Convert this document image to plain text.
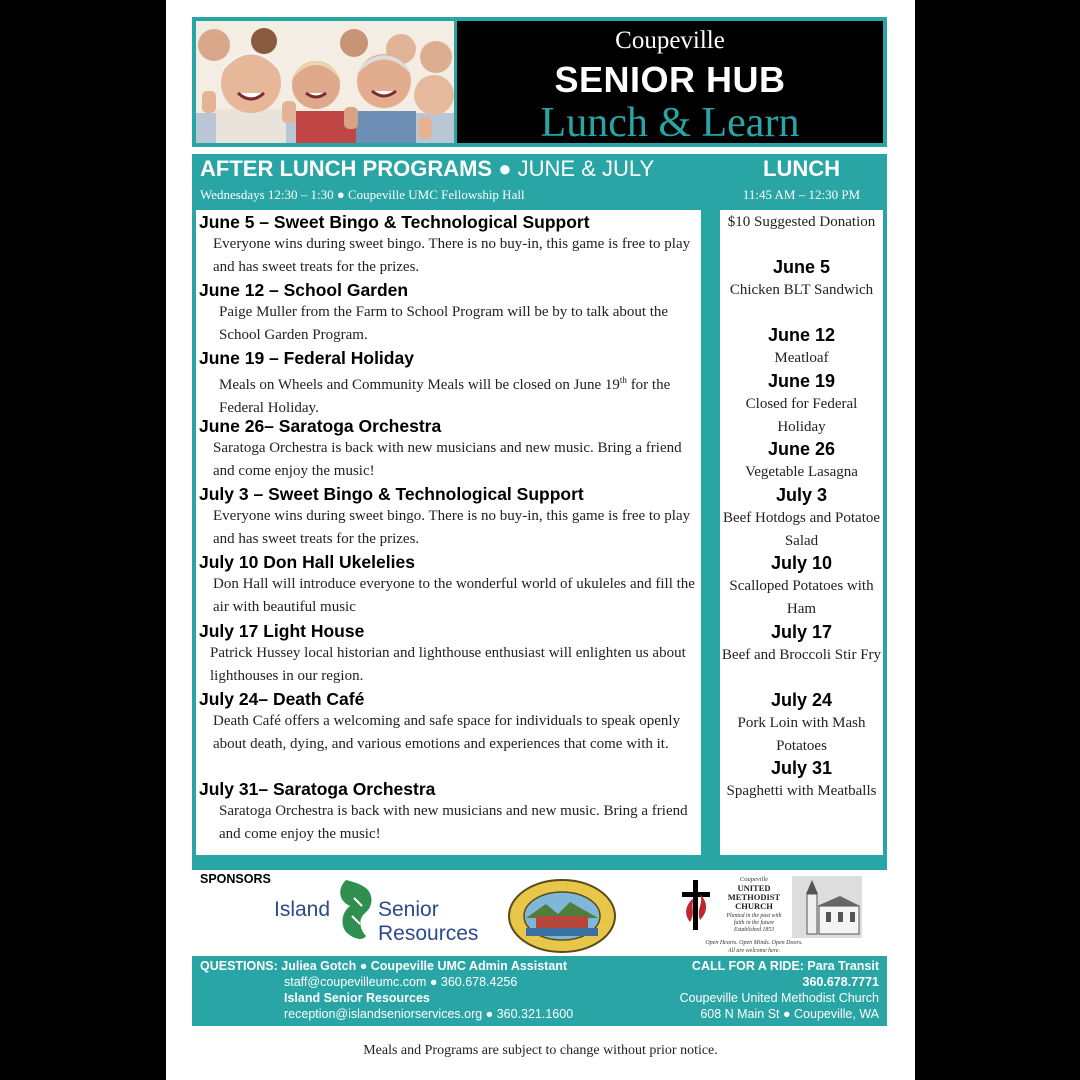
Coupeville
SENIOR HUB
Lunch & Learn
AFTER LUNCH PROGRAMS ● JUNE & JULY
Wednesdays 12:30 – 1:30 ● Coupeville UMC Fellowship Hall
LUNCH
11:45 AM – 12:30 PM
June 5 – Sweet Bingo & Technological Support
Everyone wins during sweet bingo. There is no buy-in, this game is free to play and has sweet treats for the prizes.
June 12 – School Garden
Paige Muller from the Farm to School Program will be by to talk about the School Garden Program.
June 19 – Federal Holiday
Meals on Wheels and Community Meals will be closed on June 19th for the Federal Holiday.
June 26– Saratoga Orchestra
Saratoga Orchestra is back with new musicians and new music. Bring a friend and come enjoy the music!
July 3 – Sweet Bingo & Technological Support
Everyone wins during sweet bingo. There is no buy-in, this game is free to play and has sweet treats for the prizes.
July 10 Don Hall Ukelelies
Don Hall will introduce everyone to the wonderful world of ukuleles and fill the air with beautiful music
July 17 Light House
Patrick Hussey local historian and lighthouse enthusiast will enlighten us about lighthouses in our region.
July 24– Death Café
Death Café offers a welcoming and safe space for individuals to speak openly about death, dying, and various emotions and experiences that come with it.
July 31– Saratoga Orchestra
Saratoga Orchestra is back with new musicians and new music. Bring a friend and come enjoy the music!
$10 Suggested Donation
June 5
Chicken BLT Sandwich
June 12
Meatloaf
June 19
Closed for Federal Holiday
June 26
Vegetable Lasagna
July 3
Beef Hotdogs and Potatoe Salad
July 10
Scalloped Potatoes with Ham
July 17
Beef and Broccoli Stir Fry
July 24
Pork Loin with Mash Potatoes
July 31
Spaghetti with Meatballs
SPONSORS
Island Senior
Resources
Coupeville
UNITED
METHODIST
CHURCH
Planted in the past with
faith in the future
Established 1853
Open Hearts. Open Minds. Open Doors.
All are welcome here.
QUESTIONS: Juliea Gotch ● Coupeville UMC Admin Assistant
staff@coupevilleumc.com ● 360.678.4256
Island Senior Resources
reception@islandseniorservices.org ● 360.321.1600
CALL FOR A RIDE: Para Transit
360.678.7771
Coupeville United Methodist Church
608 N Main St ● Coupeville, WA
Meals and Programs are subject to change without prior notice.
